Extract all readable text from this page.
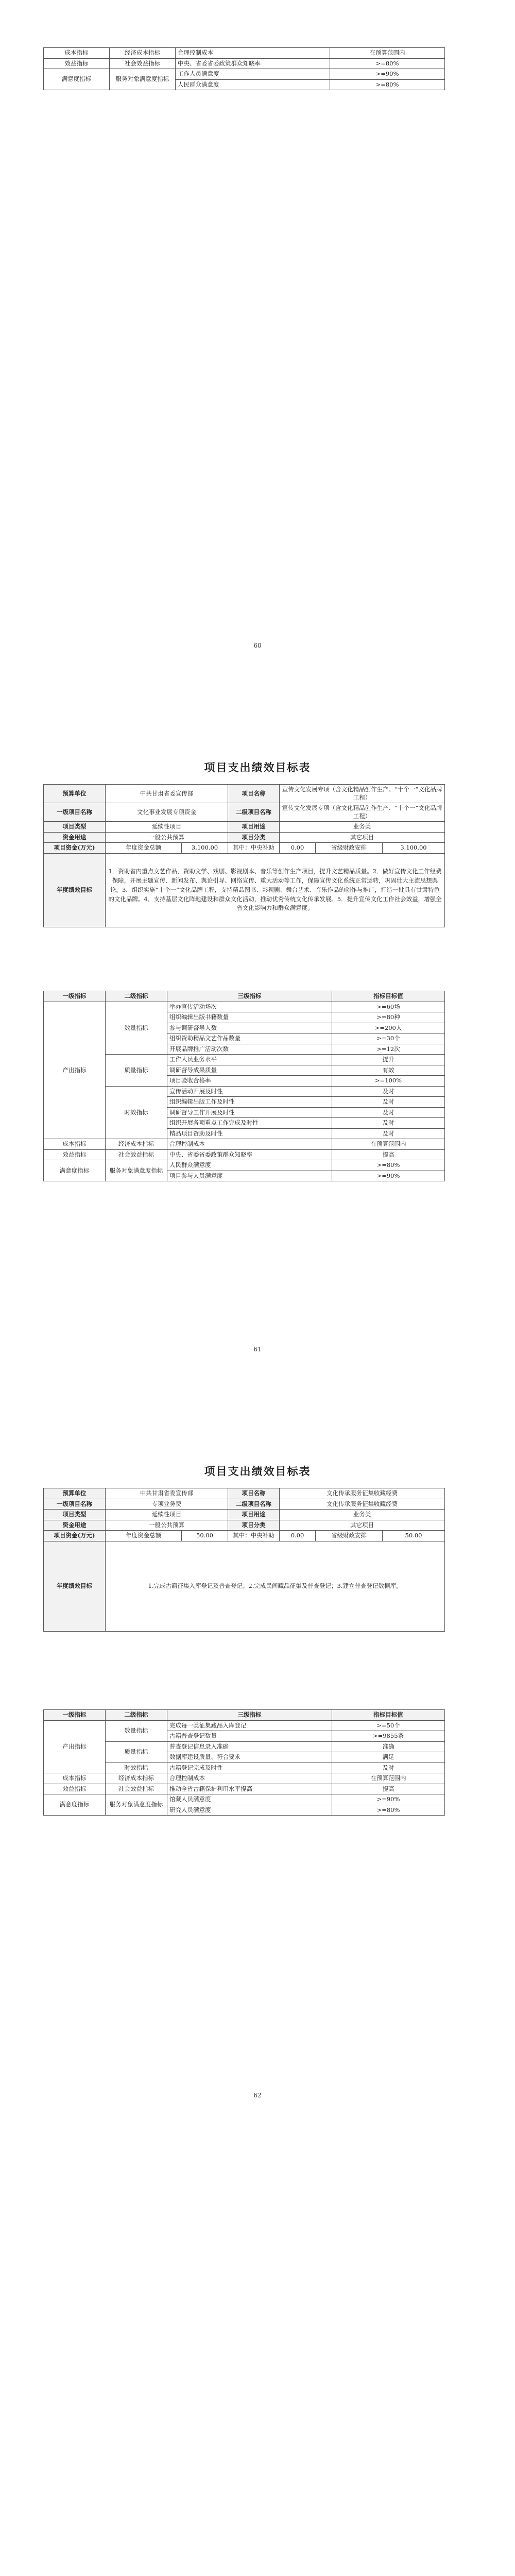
成本指标	经济成本指标	合理控制成本	在预算范围内
效益指标	社会效益指标	中央、省委省委政策群众知晓率	>=80%
满意度指标	服务对象满意度指标	工作人员满意度	>=90%
		人民群众满意度	>=80%
60
项目支出绩效目标表
预算单位	中共甘肃省委宣传部		项目名称	宣传文化发展专项（含文化精品创作生产、“十个一”文化品牌工程）		
一级项目名称	文化事业发展专项资金		二级项目名称	宣传文化发展专项（含文化精品创作生产、“十个一”文化品牌工程）		
项目类型	延续性项目		项目用途	业务类		
资金用途	一般公共预算		项目分类	其它项目		
项目资金(万元)	年度资金总额	3,100.00	其中：中央补助	0.00	省级财政安排	3,100.00
年度绩效目标	1．资助省内重点文艺作品，资助文学、戏剧、影视剧本、音乐等创作生产项目，提升文艺精品质量。2．做好宣传文化工作经费保障，开展主题宣传、新闻发布、舆论引导、网络宣传、重大活动等工作，保障宣传文化系统正常运转，巩固壮大主流思想舆论。3．组织实施“十个一”文化品牌工程，支持精品图书、影视剧、舞台艺术、音乐作品的创作与推广，打造一批具有甘肃特色的文化品牌。4．支持基层文化阵地建设和群众文化活动，推动优秀传统文化传承发展。5．提升宣传文化工作社会效益，增强全省文化影响力和群众满意度。					
一级指标	二级指标	三级指标	指标目标值
产出指标	数量指标	举办宣传活动场次	>=60场
		组织编辑出版书籍数量	>=80种
		参与调研督导人数	>=200人
		组织资助精品文艺作品数量	>=30个
		开展品牌推广活动次数	>=12次
	质量指标	工作人员业务水平	提升
		调研督导成果质量	有效
		项目验收合格率	>=100%
	时效指标	宣传活动开展及时性	及时
		组织编辑出版工作及时性	及时
		调研督导工作开展及时性	及时
		组织开展各项重点工作完成及时性	及时
		精品项目资助及时性	及时
成本指标	经济成本指标	合理控制成本	在预算范围内
效益指标	社会效益指标	中央、省委省委政策群众知晓率	提高
满意度指标	服务对象满意度指标	人民群众满意度	>=80%
		项目参与人员满意度	>=90%
61
项目支出绩效目标表
预算单位	中共甘肃省委宣传部		项目名称	文化传承服务征集收藏经费		
一级项目名称	专项业务费		二级项目名称	文化传承服务征集收藏经费		
项目类型	延续性项目		项目用途	业务类		
资金用途	一般公共预算		项目分类	其它项目		
项目资金(万元)	年度资金总额	50.00	其中：中央补助	0.00	省级财政安排	50.00
年度绩效目标	1.完成古籍征集入库登记及普查登记；2.完成民间藏品征集及普查登记；3.建立普查登记数据库。					
一级指标	二级指标	三级指标	指标目标值
产出指标	数量指标	完成每一类征集藏品入库登记	>=50个
		古籍普查登记数量	>=9855条
	质量指标	普查登记信息录入准确	准确
		数据库建设质量、符合要求	满足
	时效指标	古籍登记完成及时性	及时
成本指标	经济成本指标	合理控制成本	在预算范围内
效益指标	社会效益指标	推动全省古籍保护利用水平提高	提高
满意度指标	服务对象满意度指标	馆藏人员满意度	>=90%
		研究人员满意度	>=80%
62
